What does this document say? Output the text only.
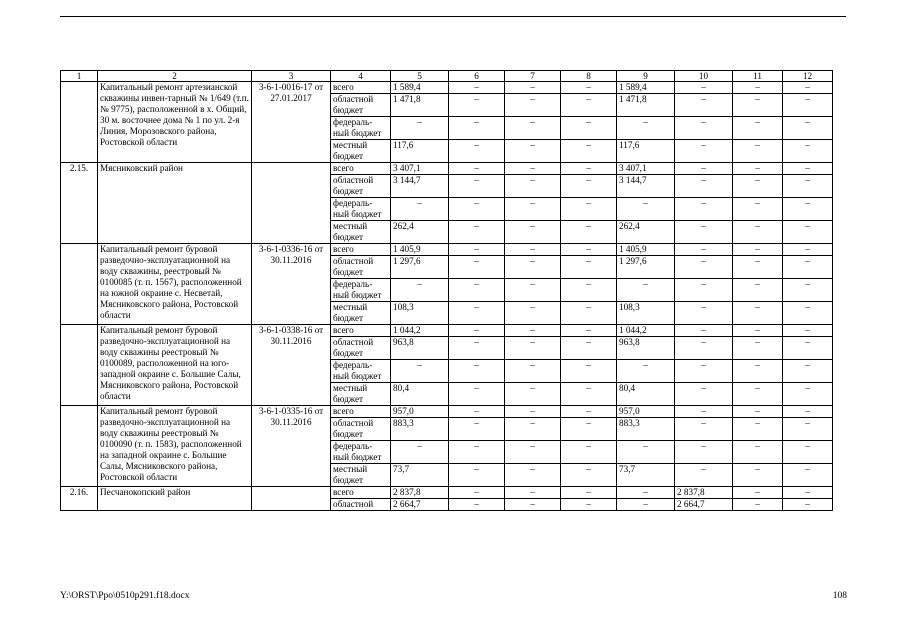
1	2	3	4	5	6	7	8	9	10	11	12
	Капитальный ремонт артезианской скважины инвен-тарный № 1/649 (т.п. № 9775), расположенной в х. Общий, 30 м. восточнее дома № 1 по ул. 2-я Линия, Морозовского района, Ростовской области	3-6-1-0016-17 от 27.01.2017	всего	1 589,4	–	–	–	1 589,4	–	–	–
			областной бюджет	1 471,8	–	–	–	1 471,8	–	–	–
			федераль-ный бюджет	–	–	–	–	–	–	–	–
			местный бюджет	117,6	–	–	–	117,6	–	–	–
2.15.	Мясниковский район		всего	3 407,1	–	–	–	3 407,1	–	–	–
			областной бюджет	3 144,7	–	–	–	3 144,7	–	–	–
			федераль-ный бюджет	–	–	–	–	–	–	–	–
			местный бюджет	262,4	–	–	–	262,4	–	–	–
	Капитальный ремонт буровой разведочно-эксплуатационной на воду скважины, реестровый № 0100085 (т. п. 1567), расположенной на южной окраине с. Несветай, Мясниковского района, Ростовской области	3-6-1-0336-16 от 30.11.2016	всего	1 405,9	–	–	–	1 405,9	–	–	–
			областной бюджет	1 297,6	–	–	–	1 297,6	–	–	–
			федераль-ный бюджет	–	–	–	–	–	–	–	–
			местный бюджет	108,3	–	–	–	108,3	–	–	–
	Капитальный ремонт буровой разведочно-эксплуатационной на воду скважины реестровый № 0100089, расположенной на юго-западной окраине с. Большие Салы, Мясниковского района, Ростовской области	3-6-1-0338-16 от 30.11.2016	всего	1 044,2	–	–	–	1 044,2	–	–	–
			областной бюджет	963,8	–	–	–	963,8	–	–	–
			федераль-ный бюджет	–	–	–	–	–	–	–	–
			местный бюджет	80,4	–	–	–	80,4	–	–	–
	Капитальный ремонт буровой разведочно-эксплуатационной на воду скважины реестровый № 0100090 (т. п. 1583), расположенной на западной окраине с. Большие Салы, Мясниковского района, Ростовской области	3-6-1-0335-16 от 30.11.2016	всего	957,0	–	–	–	957,0	–	–	–
			областной бюджет	883,3	–	–	–	883,3	–	–	–
			федераль-ный бюджет	–	–	–	–	–	–	–	–
			местный бюджет	73,7	–	–	–	73,7	–	–	–
2.16.	Песчанокопский район		всего	2 837,8	–	–	–	–	2 837,8	–	–
			областной	2 664,7	–	–	–	–	2 664,7	–	–
Y:\ORST\Ppo\0510p291.f18.docx	108
